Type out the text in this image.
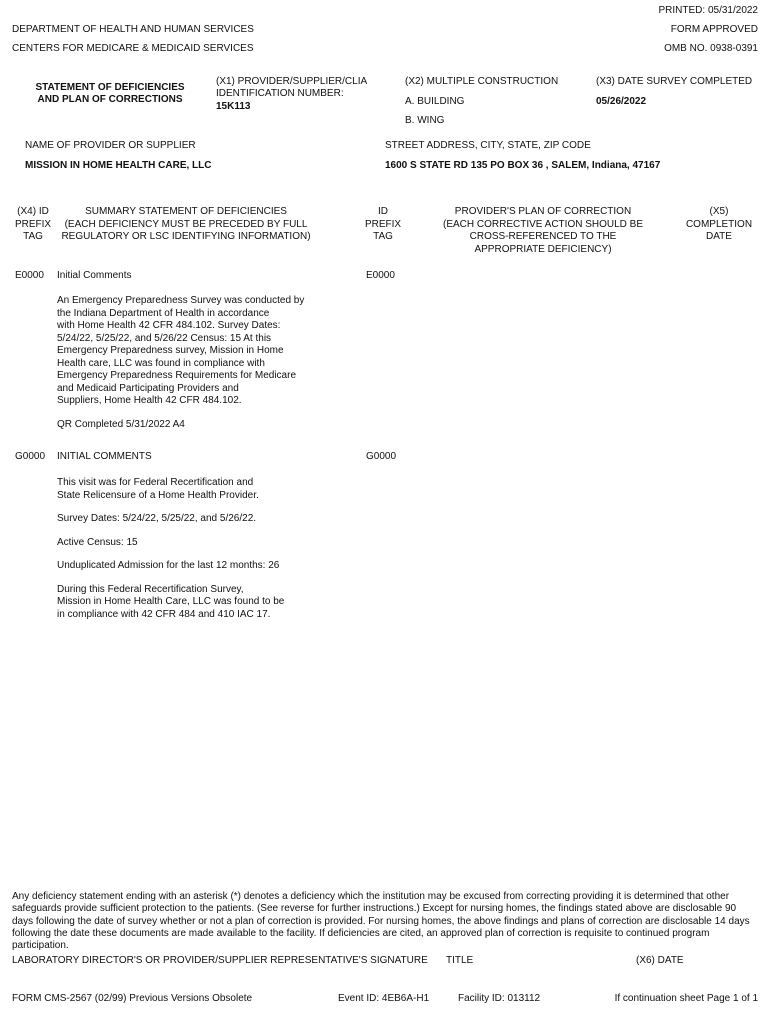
PRINTED: 05/31/2022
DEPARTMENT OF HEALTH AND HUMAN SERVICES	FORM APPROVED
CENTERS FOR MEDICARE & MEDICAID SERVICES	OMB NO. 0938-0391
STATEMENT OF DEFICIENCIES
AND PLAN OF CORRECTIONS
(X1) PROVIDER/SUPPLIER/CLIA
IDENTIFICATION NUMBER:
15K113
(X2) MULTIPLE CONSTRUCTION
A. BUILDING
B. WING
(X3) DATE SURVEY COMPLETED
05/26/2022
NAME OF PROVIDER OR SUPPLIER
MISSION IN HOME HEALTH CARE, LLC
STREET ADDRESS, CITY, STATE, ZIP CODE
1600 S STATE RD 135 PO BOX 36 , SALEM, Indiana, 47167
(X4) ID
PREFIX
TAG
SUMMARY STATEMENT OF DEFICIENCIES
(EACH DEFICIENCY MUST BE PRECEDED BY FULL
REGULATORY OR LSC IDENTIFYING INFORMATION)
ID
PREFIX
TAG
PROVIDER'S PLAN OF CORRECTION
(EACH CORRECTIVE ACTION SHOULD BE
CROSS-REFERENCED TO THE
APPROPRIATE DEFICIENCY)
(X5)
COMPLETION
DATE
E0000 Initial Comments	E0000

An Emergency Preparedness Survey was conducted by
the Indiana Department of Health in accordance
with Home Health 42 CFR 484.102. Survey Dates:
5/24/22, 5/25/22, and 5/26/22 Census: 15 At this
Emergency Preparedness survey, Mission in Home
Health care, LLC was found in compliance with
Emergency Preparedness Requirements for Medicare
and Medicaid Participating Providers and
Suppliers, Home Health 42 CFR 484.102.

QR Completed 5/31/2022 A4

G0000 INITIAL COMMENTS	G0000

This visit was for Federal Recertification and
State Relicensure of a Home Health Provider.

Survey Dates: 5/24/22, 5/25/22, and 5/26/22.

Active Census: 15

Unduplicated Admission for the last 12 months: 26

During this Federal Recertification Survey,
Mission in Home Health Care, LLC was found to be
in compliance with 42 CFR 484 and 410 IAC 17.

Any deficiency statement ending with an asterisk (*) denotes a deficiency which the institution may be excused from correcting providing it is determined that other safeguards provide sufficient protection to the patients. (See reverse for further instructions.) Except for nursing homes, the findings stated above are disclosable 90 days following the date of survey whether or not a plan of correction is provided. For nursing homes, the above findings and plans of correction are disclosable 14 days following the date these documents are made available to the facility. If deficiencies are cited, an approved plan of correction is requisite to continued program participation.
LABORATORY DIRECTOR'S OR PROVIDER/SUPPLIER REPRESENTATIVE'S SIGNATURE TITLE	(X6) DATE
FORM CMS-2567 (02/99) Previous Versions Obsolete	Event ID: 4EB6A-H1	Facility ID: 013112	If continuation sheet Page 1 of 1
